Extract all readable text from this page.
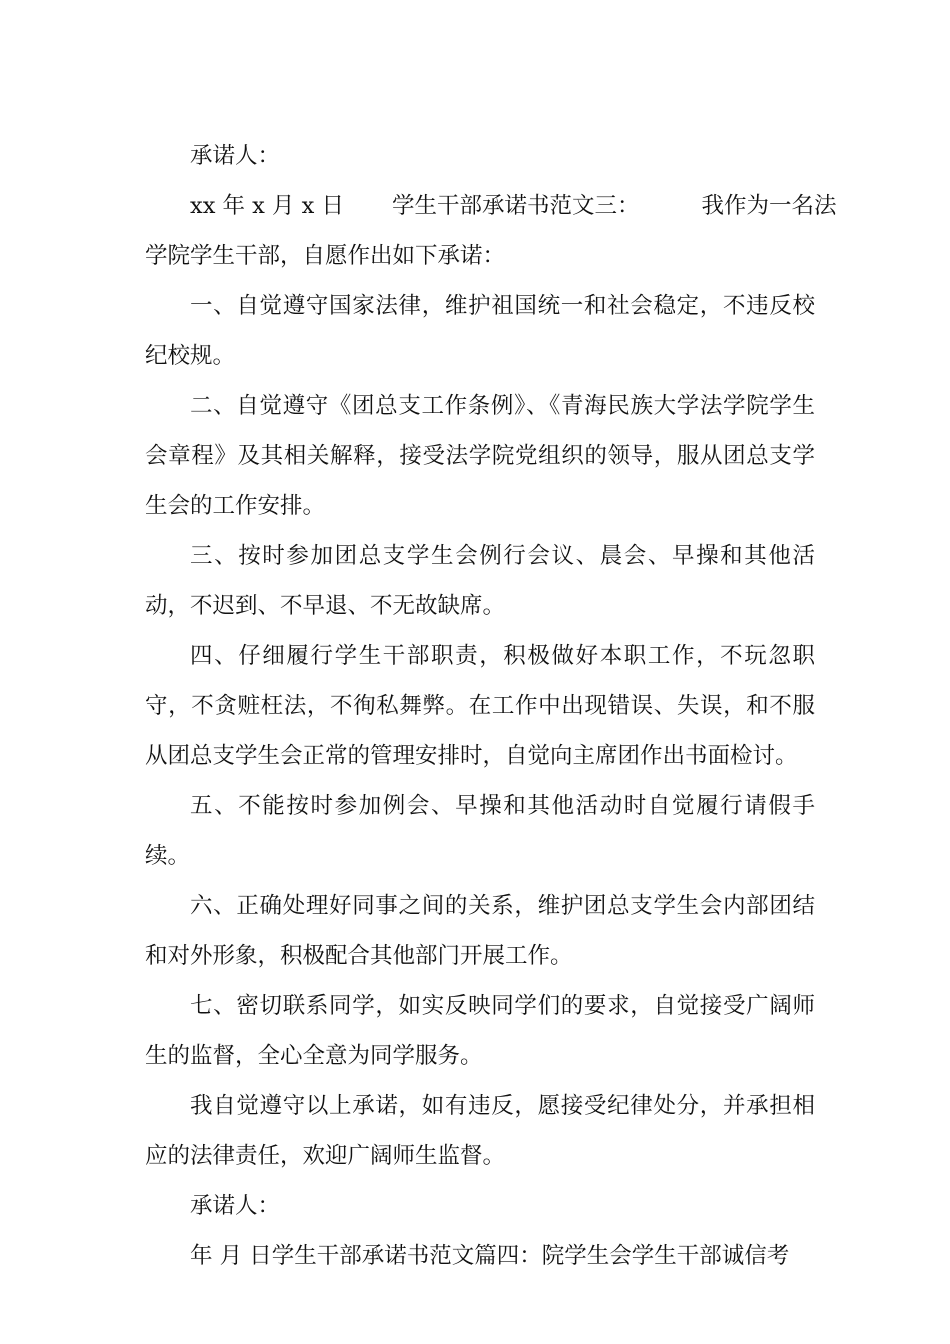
承诺人：

xx 年 x 月 x 日 学生干部承诺书范文三：	我作为一名法

学院学生干部，自愿作出如下承诺：

一、自觉遵守国家法律，维护祖国统一和社会稳定，不违反校纪校规。

二、自觉遵守《团总支工作条例》、《青海民族大学法学院学生会章程》及其相关解释，接受法学院党组织的领导，服从团总支学生会的工作安排。

三、按时参加团总支学生会例行会议、晨会、早操和其他活动，不迟到、不早退、不无故缺席。

四、仔细履行学生干部职责，积极做好本职工作，不玩忽职守，不贪赃枉法，不徇私舞弊。在工作中出现错误、失误，和不服从团总支学生会正常的管理安排时，自觉向主席团作出书面检讨。

五、不能按时参加例会、早操和其他活动时自觉履行请假手续。

六、正确处理好同事之间的关系，维护团总支学生会内部团结和对外形象，积极配合其他部门开展工作。

七、密切联系同学，如实反映同学们的要求，自觉接受广阔师生的监督，全心全意为同学服务。

我自觉遵守以上承诺，如有违反，愿接受纪律处分，并承担相应的法律责任，欢迎广阔师生监督。

承诺人：

年 月 日学生干部承诺书范文篇四：院学生会学生干部诚信考
